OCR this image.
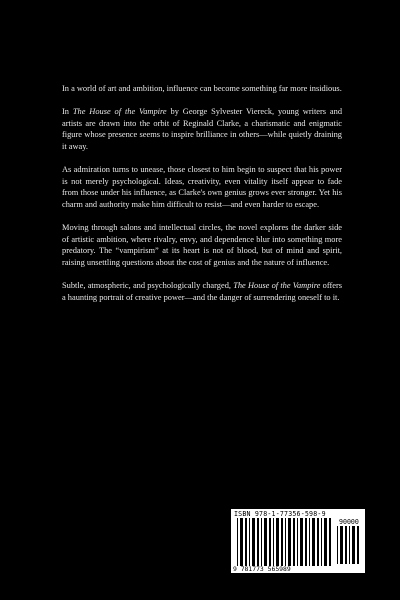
In a world of art and ambition, influence can become something far more insidious.

In The House of the Vampire by George Sylvester Viereck, young writers and artists are drawn into the orbit of Reginald Clarke, a charismatic and enigmatic figure whose presence seems to inspire brilliance in others—while quietly draining it away.

As admiration turns to unease, those closest to him begin to suspect that his power is not merely psychological. Ideas, creativity, even vitality itself appear to fade from those under his influence, as Clarke's own genius grows ever stronger. Yet his charm and authority make him difficult to resist—and even harder to escape.

Moving through salons and intellectual circles, the novel explores the darker side of artistic ambition, where rivalry, envy, and dependence blur into something more predatory. The “vampirism” at its heart is not of blood, but of mind and spirit, raising unsettling questions about the cost of genius and the nature of influence.

Subtle, atmospheric, and psychologically charged, The House of the Vampire offers a haunting portrait of creative power—and the danger of surrendering oneself to it.

ISBN 978-1-77356-598-9
90000
9 781773 565989
